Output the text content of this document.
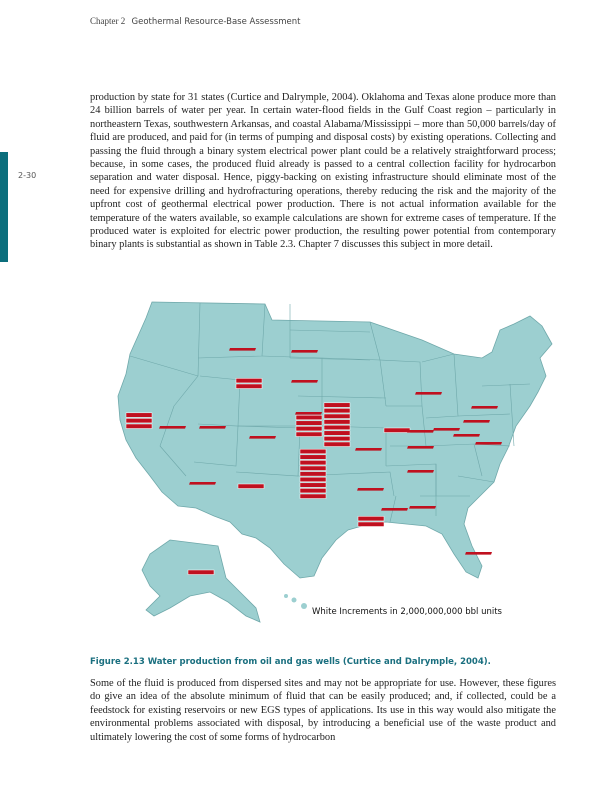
Chapter 2 Geothermal Resource-Base Assessment
2-30

production by state for 31 states (Curtice and Dalrymple, 2004). Oklahoma and Texas alone produce more than 24 billion barrels of water per year. In certain water-flood fields in the Gulf Coast region – particularly in northeastern Texas, southwestern Arkansas, and coastal Alabama/Mississippi – more than 50,000 barrels/day of fluid are produced, and paid for (in terms of pumping and disposal costs) by existing operations. Collecting and passing the fluid through a binary system electrical power plant could be a relatively straightforward process; because, in some cases, the produced fluid already is passed to a central collection facility for hydrocarbon separation and water disposal. Hence, piggy-backing on existing infrastructure should eliminate most of the need for expensive drilling and hydrofracturing operations, thereby reducing the risk and the majority of the upfront cost of geothermal electrical power production. There is not actual information available for the temperature of the waters available, so example calculations are shown for extreme cases of temperature. If the produced water is exploited for electric power production, the resulting power potential from contemporary binary plants is substantial as shown in Table 2.3. Chapter 7 discusses this subject in more detail.

White Increments in 2,000,000,000 bbl units
Figure 2.13 Water production from oil and gas wells (Curtice and Dalrymple, 2004).

Some of the fluid is produced from dispersed sites and may not be appropriate for use. However, these figures do give an idea of the absolute minimum of fluid that can be easily produced; and, if collected, could be a feedstock for existing reservoirs or new EGS types of applications. Its use in this way would also mitigate the environmental problems associated with disposal, by introducing a beneficial use of the waste product and ultimately lowering the cost of some forms of hydrocarbon
